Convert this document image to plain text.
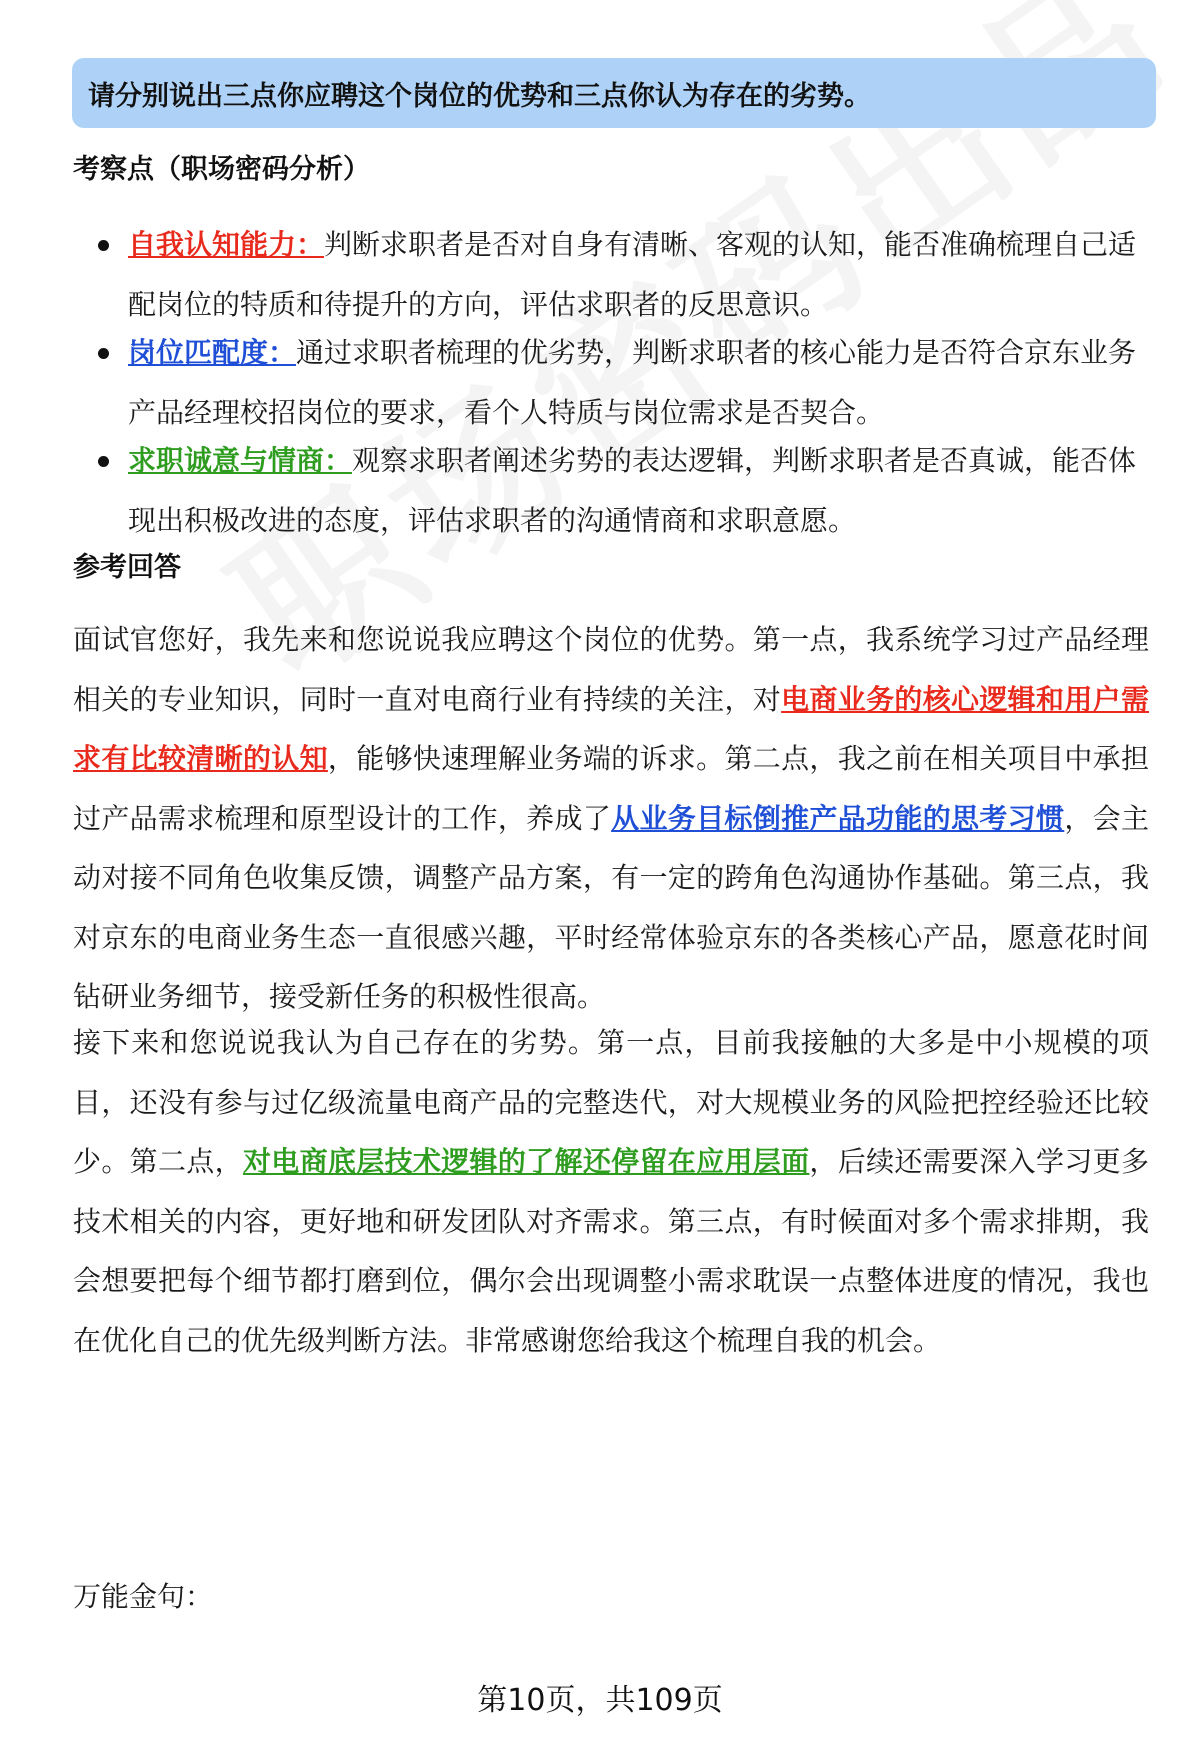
请分别说出三点你应聘这个岗位的优势和三点你认为存在的劣势。
考察点（职场密码分析）
自我认知能力：判断求职者是否对自身有清晰、客观的认知，能否准确梳理自己适配岗位的特质和待提升的方向，评估求职者的反思意识。
岗位匹配度：通过求职者梳理的优劣势，判断求职者的核心能力是否符合京东业务产品经理校招岗位的要求，看个人特质与岗位需求是否契合。
求职诚意与情商：观察求职者阐述劣势的表达逻辑，判断求职者是否真诚，能否体现出积极改进的态度，评估求职者的沟通情商和求职意愿。
参考回答

面试官您好，我先来和您说说我应聘这个岗位的优势。第一点，我系统学习过产品经理相关的专业知识，同时一直对电商行业有持续的关注，对电商业务的核心逻辑和用户需求有比较清晰的认知，能够快速理解业务端的诉求。第二点，我之前在相关项目中承担过产品需求梳理和原型设计的工作，养成了从业务目标倒推产品功能的思考习惯，会主动对接不同角色收集反馈，调整产品方案，有一定的跨角色沟通协作基础。第三点，我对京东的电商业务生态一直很感兴趣，平时经常体验京东的各类核心产品，愿意花时间钻研业务细节，接受新任务的积极性很高。

接下来和您说说我认为自己存在的劣势。第一点，目前我接触的大多是中小规模的项目，还没有参与过亿级流量电商产品的完整迭代，对大规模业务的风险把控经验还比较少。第二点，对电商底层技术逻辑的了解还停留在应用层面，后续还需要深入学习更多技术相关的内容，更好地和研发团队对齐需求。第三点，有时候面对多个需求排期，我会想要把每个细节都打磨到位，偶尔会出现调整小需求耽误一点整体进度的情况，我也在优化自己的优先级判断方法。非常感谢您给我这个梳理自我的机会。

万能金句：
第10页，共109页
